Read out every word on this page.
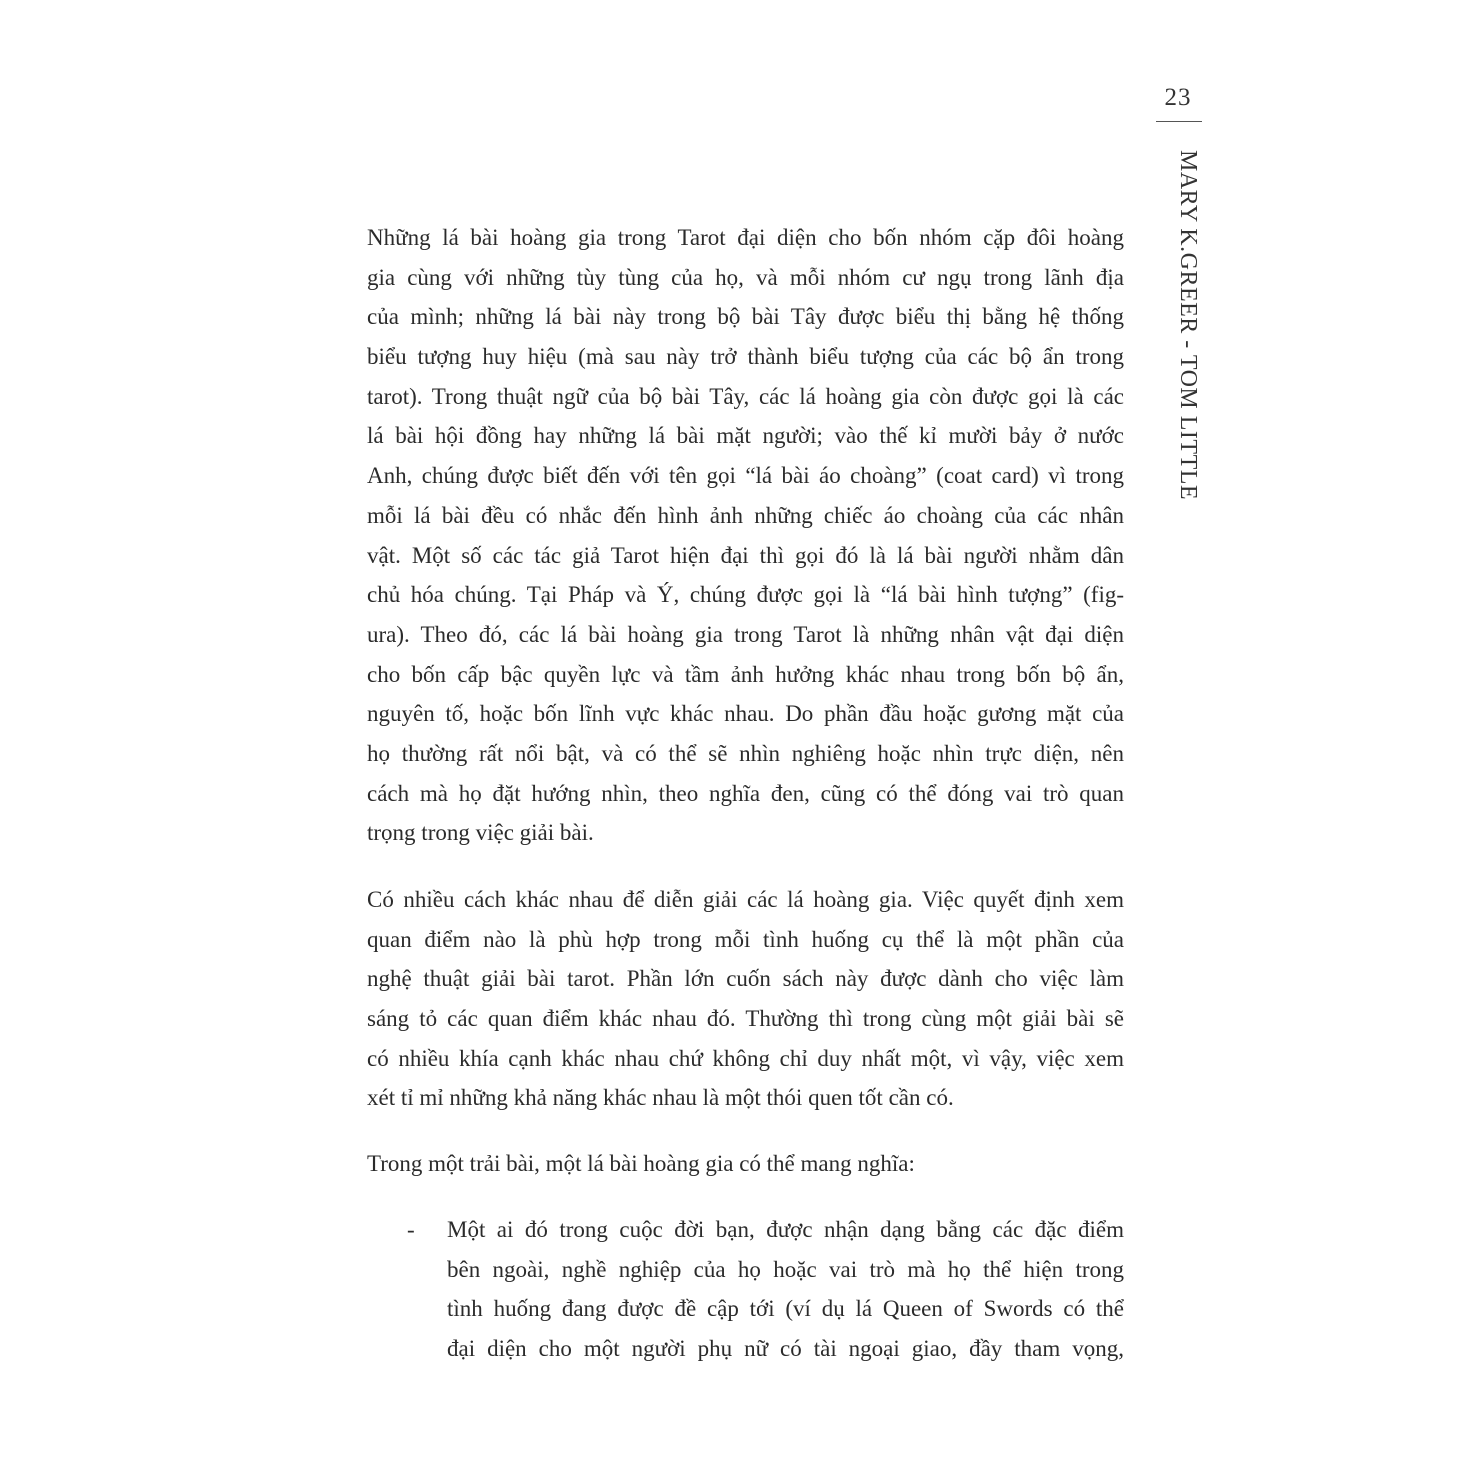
23
MARY K.GREER - TOM LITTLE
Những lá bài hoàng gia trong Tarot đại diện cho bốn nhóm cặp đôi hoàng
gia cùng với những tùy tùng của họ, và mỗi nhóm cư ngụ trong lãnh địa
của mình; những lá bài này trong bộ bài Tây được biểu thị bằng hệ thống
biểu tượng huy hiệu (mà sau này trở thành biểu tượng của các bộ ẩn trong
tarot). Trong thuật ngữ của bộ bài Tây, các lá hoàng gia còn được gọi là các
lá bài hội đồng hay những lá bài mặt người; vào thế kỉ mười bảy ở nước
Anh, chúng được biết đến với tên gọi “lá bài áo choàng” (coat card) vì trong
mỗi lá bài đều có nhắc đến hình ảnh những chiếc áo choàng của các nhân
vật. Một số các tác giả Tarot hiện đại thì gọi đó là lá bài người nhằm dân
chủ hóa chúng. Tại Pháp và Ý, chúng được gọi là “lá bài hình tượng” (fig-
ura). Theo đó, các lá bài hoàng gia trong Tarot là những nhân vật đại diện
cho bốn cấp bậc quyền lực và tầm ảnh hưởng khác nhau trong bốn bộ ẩn,
nguyên tố, hoặc bốn lĩnh vực khác nhau. Do phần đầu hoặc gương mặt của
họ thường rất nổi bật, và có thể sẽ nhìn nghiêng hoặc nhìn trực diện, nên
cách mà họ đặt hướng nhìn, theo nghĩa đen, cũng có thể đóng vai trò quan
trọng trong việc giải bài.
Có nhiều cách khác nhau để diễn giải các lá hoàng gia. Việc quyết định xem
quan điểm nào là phù hợp trong mỗi tình huống cụ thể là một phần của
nghệ thuật giải bài tarot. Phần lớn cuốn sách này được dành cho việc làm
sáng tỏ các quan điểm khác nhau đó. Thường thì trong cùng một giải bài sẽ
có nhiều khía cạnh khác nhau chứ không chỉ duy nhất một, vì vậy, việc xem
xét tỉ mỉ những khả năng khác nhau là một thói quen tốt cần có.
Trong một trải bài, một lá bài hoàng gia có thể mang nghĩa:
- Một ai đó trong cuộc đời bạn, được nhận dạng bằng các đặc điểm
bên ngoài, nghề nghiệp của họ hoặc vai trò mà họ thể hiện trong
tình huống đang được đề cập tới (ví dụ lá Queen of Swords có thể
đại diện cho một người phụ nữ có tài ngoại giao, đầy tham vọng,
